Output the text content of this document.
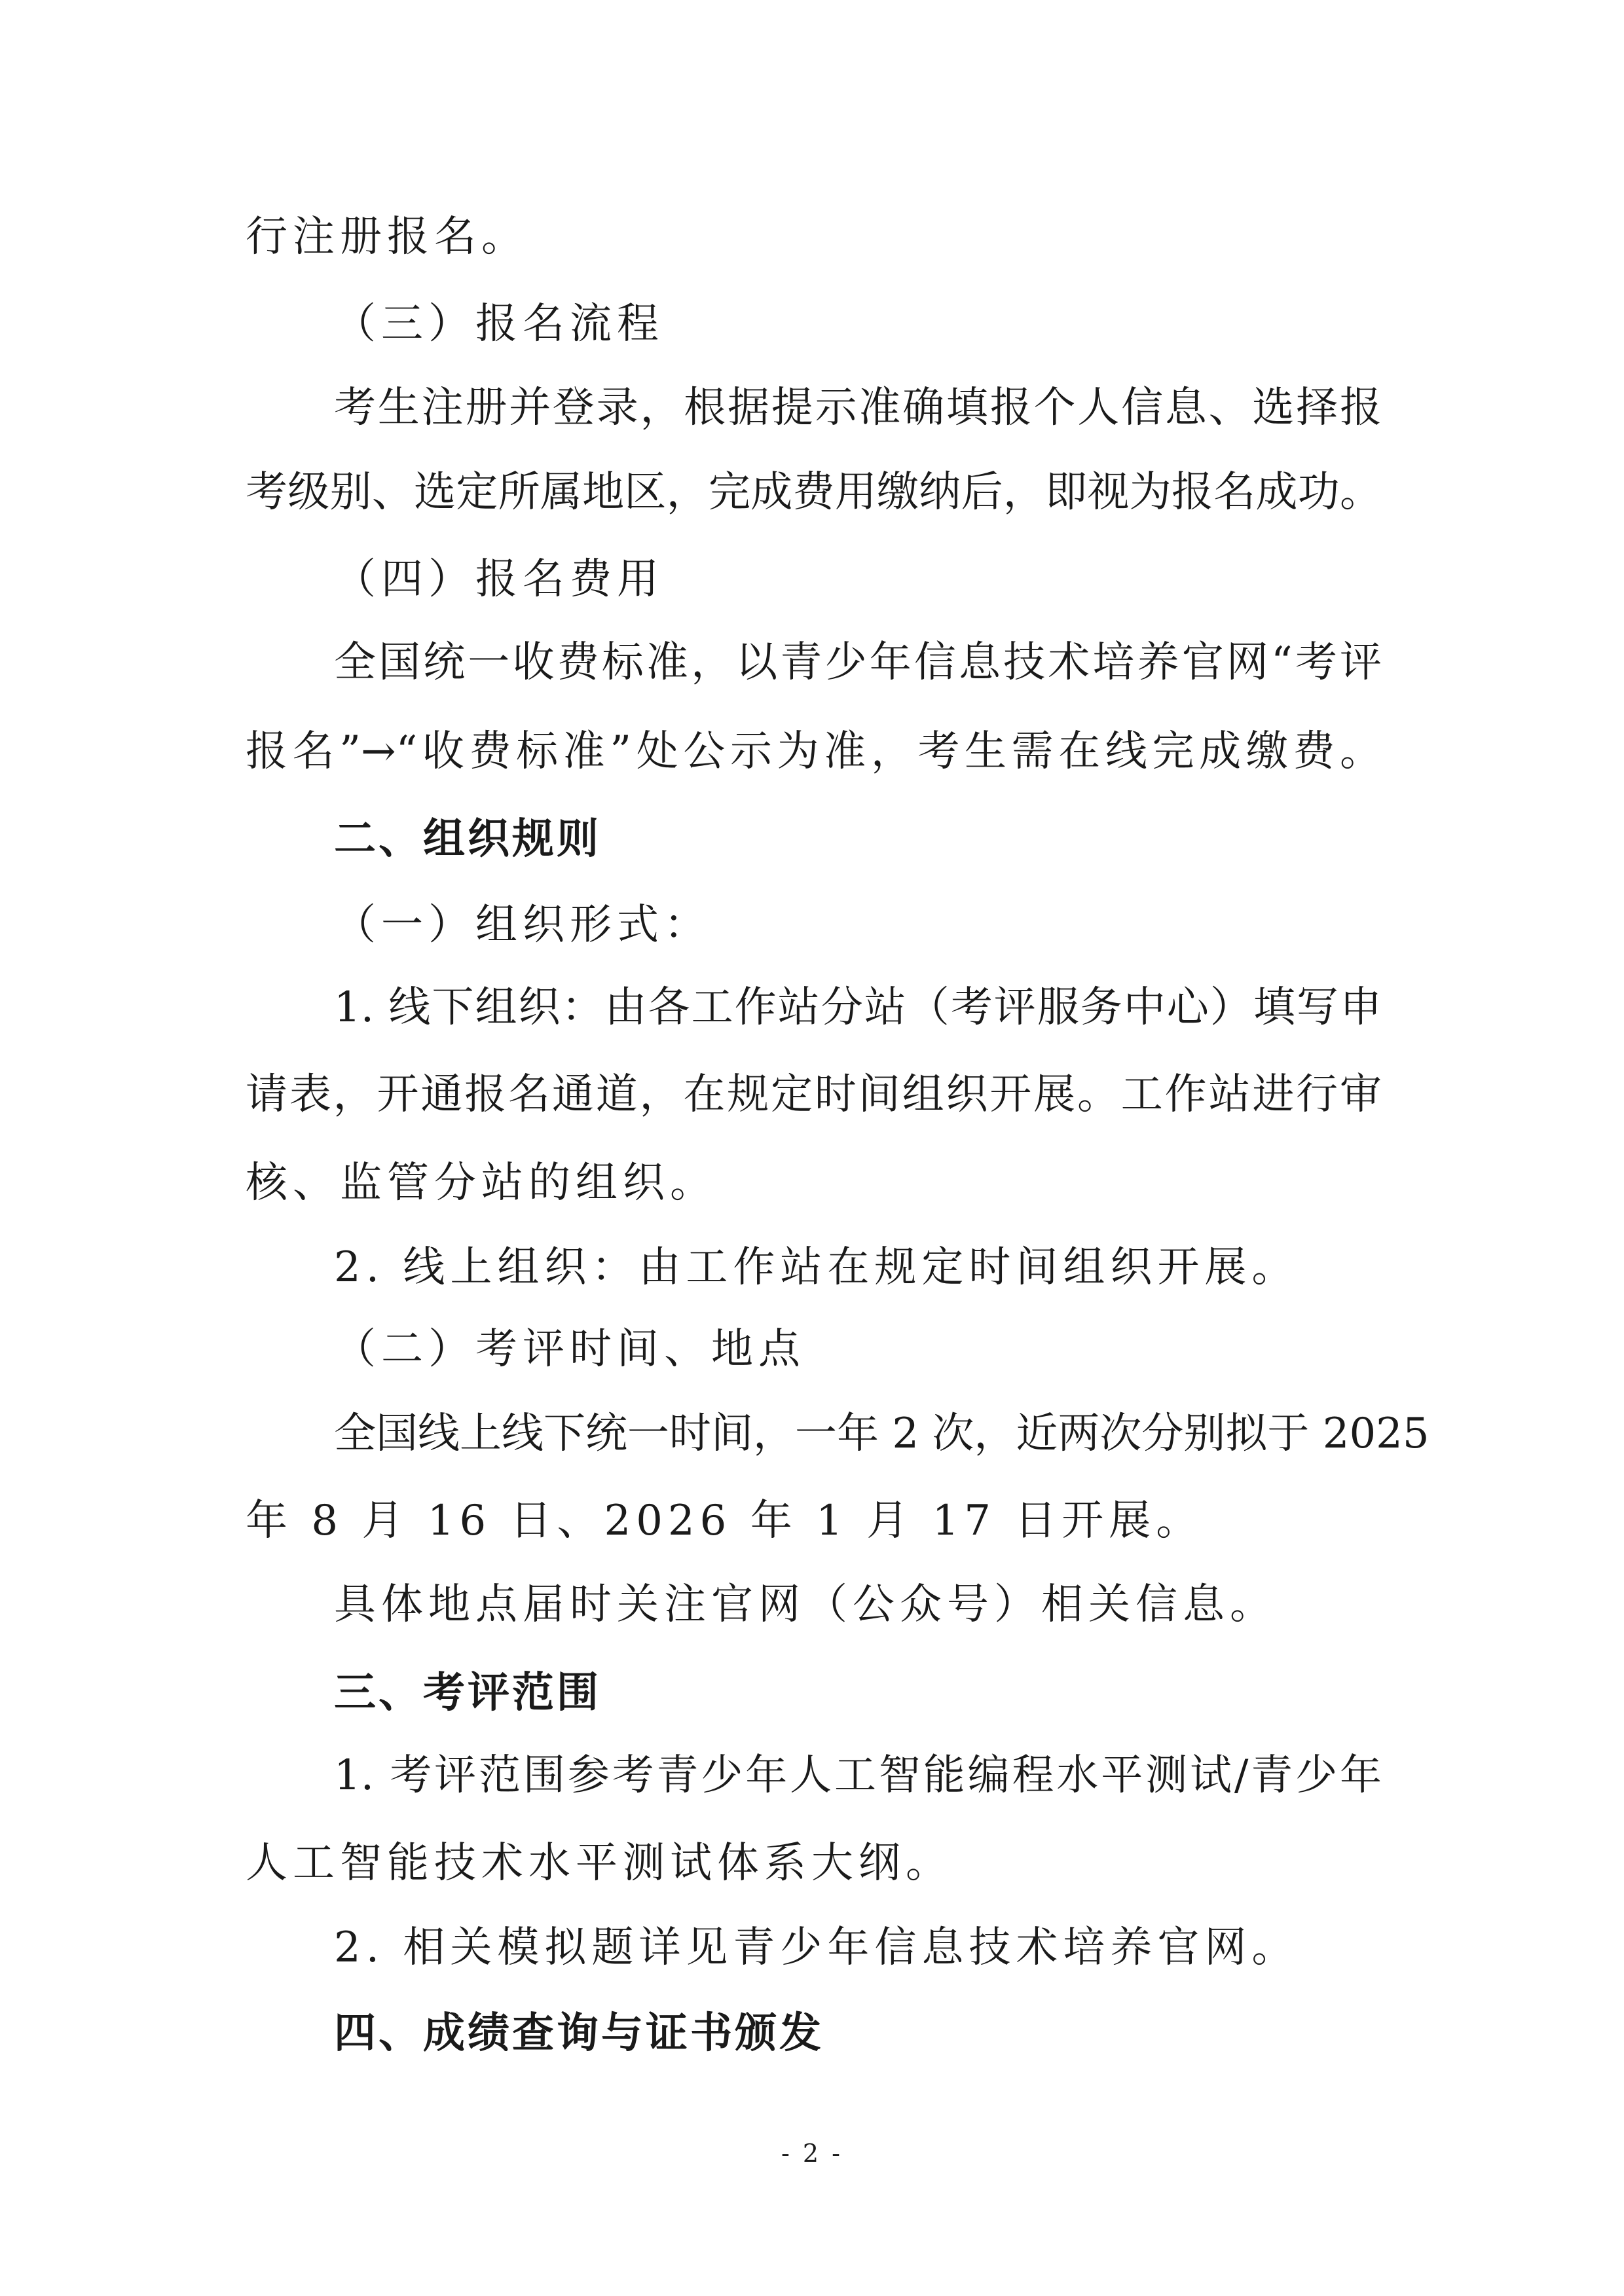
行注册报名。
（三）报名流程
考生注册并登录，根据提示准确填报个人信息、选择报
考级别、选定所属地区，完成费用缴纳后，即视为报名成功。
（四）报名费用
全国统一收费标准，以青少年信息技术培养官网“考评
报名”→“收费标准”处公示为准，考生需在线完成缴费。
二、组织规则
（一）组织形式：
1. 线下组织：由各工作站分站（考评服务中心）填写申
请表，开通报名通道，在规定时间组织开展。工作站进行审
核、监管分站的组织。
2. 线上组织：由工作站在规定时间组织开展。
（二）考评时间、地点
全国线上线下统一时间，一年 2 次，近两次分别拟于 2025
年 8 月 16 日、2026 年 1 月 17 日开展。
具体地点届时关注官网（公众号）相关信息。
三、考评范围
1. 考评范围参考青少年人工智能编程水平测试/青少年
人工智能技术水平测试体系大纲。
2. 相关模拟题详见青少年信息技术培养官网。
四、成绩查询与证书颁发
- 2 -
